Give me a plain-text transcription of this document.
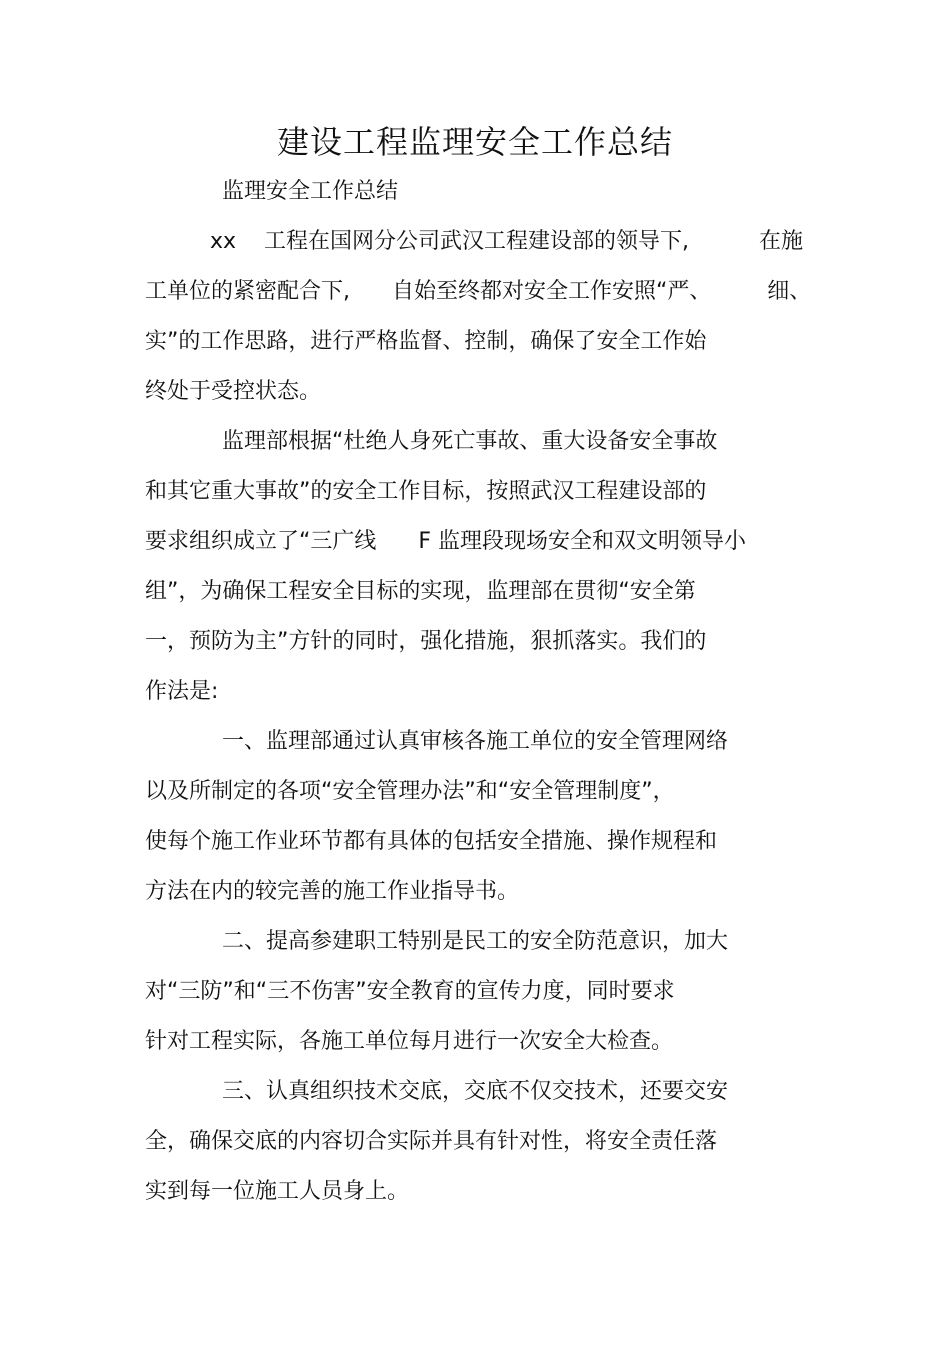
建设工程监理安全工作总结

监理安全工作总结

xx    工程在国网分公司武汉工程建设部的领导下,          在施

工单位的紧密配合下,      自始至终都对安全工作安照“严、        细、

实”的工作思路，进行严格监督、控制，确保了安全工作始

终处于受控状态。

监理部根据“杜绝人身死亡事故、重大设备安全事故

和其它重大事故”的安全工作目标，按照武汉工程建设部的

要求组织成立了“三广线      F 监理段现场安全和双文明领导小

组”，为确保工程安全目标的实现，监理部在贯彻“安全第

一，预防为主”方针的同时，强化措施，狠抓落实。我们的

作法是:

一、监理部通过认真审核各施工单位的安全管理网络

以及所制定的各项“安全管理办法”和“安全管理制度”，

使每个施工作业环节都有具体的包括安全措施、操作规程和

方法在内的较完善的施工作业指导书。

二、提高参建职工特别是民工的安全防范意识，加大

对“三防”和“三不伤害”安全教育的宣传力度，同时要求

针对工程实际，各施工单位每月进行一次安全大检查。

三、认真组织技术交底，交底不仅交技术，还要交安

全，确保交底的内容切合实际并具有针对性，将安全责任落

实到每一位施工人员身上。
